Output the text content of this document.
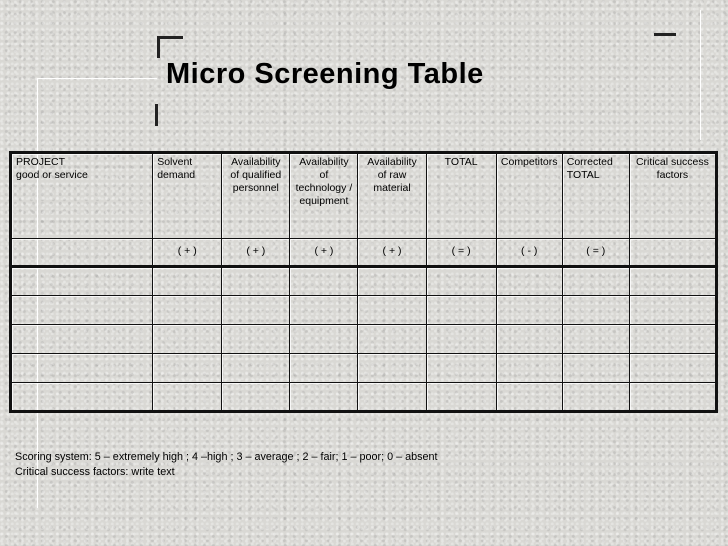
Micro Screening Table
PROJECT
good or service	Solvent demand	Availability of qualified personnel	Availability of technology / equipment	Availability of raw material	TOTAL	Competitors	Corrected TOTAL	Critical success factors
	( + )	( + )	( + )	( + )	( = )	( - )	( = )	

Scoring system: 5 – extremely high ; 4 –high ; 3 – average ; 2 – fair; 1 – poor; 0 – absent
Critical success factors: write text
